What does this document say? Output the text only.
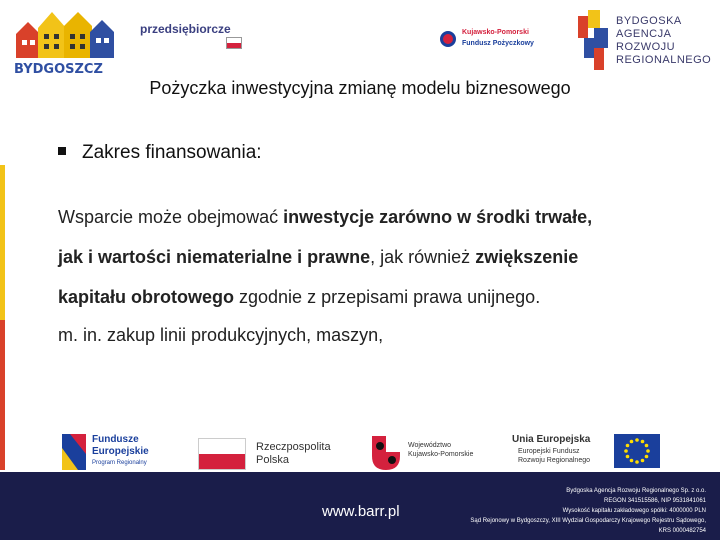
BYDGOSZCZ
przedsiębiorcze	Kujawsko-Pomorski
Fundusz Pożyczkowy
BYDGOSKA
AGENCJA
ROZWOJU
REGIONALNEGO
Pożyczka inwestycyjna zmianę modelu biznesowego
Zakres finansowania:
Wsparcie może obejmować inwestycje zarówno w środki trwałe,
jak i wartości niematerialne i prawne, jak również zwiększenie
kapitału obrotowego zgodnie z przepisami prawa unijnego.
m. in. zakup linii produkcyjnych, maszyn,
Fundusze
Europejskie
Program Regionalny
Rzeczpospolita
Polska
Województwo
Kujawsko-Pomorskie
Unia Europejska
Europejski Fundusz
Rozwoju Regionalnego
www.barr.pl
Bydgoska Agencja Rozwoju Regionalnego Sp. z o.o.
REGON 341515586, NIP 9531841061
Wysokość kapitału zakładowego spółki: 4000000 PLN
Sąd Rejonowy w Bydgoszczy, XIII Wydział Gospodarczy Krajowego Rejestru Sądowego,
KRS 0000482754
